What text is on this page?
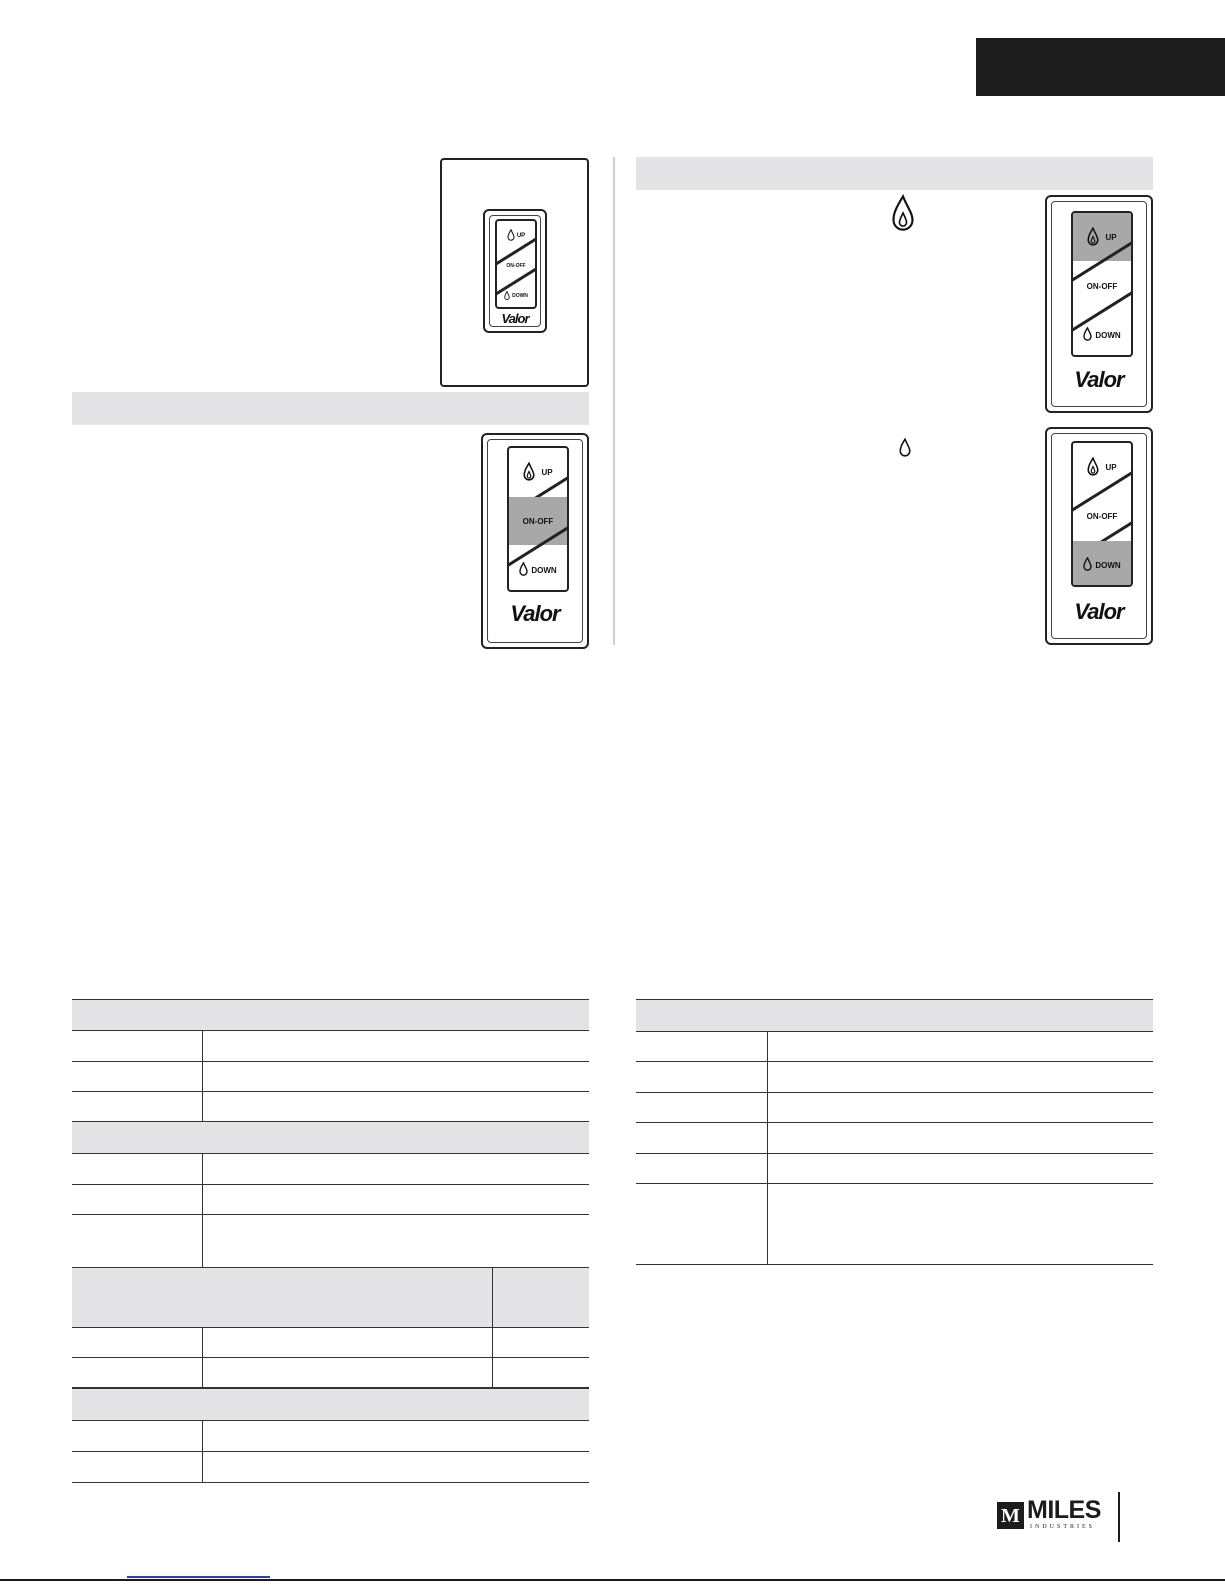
UP
ON-OFF
DOWN
Valor
UP
ON-OFF
DOWN
Valor
UP
ON-OFF
DOWN
Valor
UP
ON-OFF
DOWN
Valor
M MILES
INDUSTRIES
